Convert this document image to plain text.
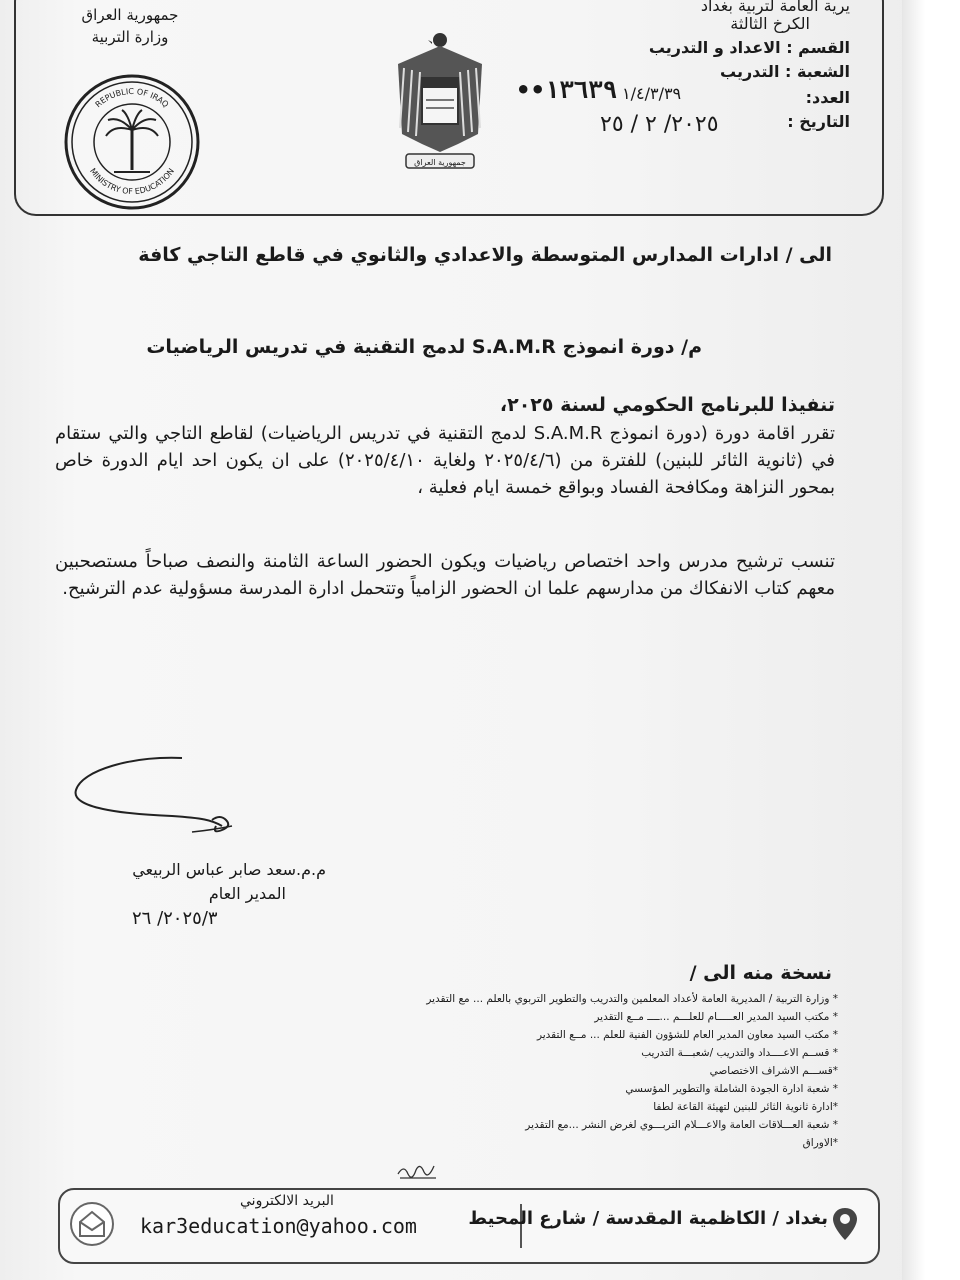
جمهورية العراق
وزارة التربية
REPUBLIC OF IRAQ
MINISTRY OF EDUCATION
جمهورية العراق
يرية العامة لتربية بغداد
الكرخ الثالثة
القسم : الاعداد و التدريب
الشعبة : التدريب
١/٤/٣/٣٩	العدد:
••١٣٦٣٩
التاريخ :
٢٠٢٥/ ٢ / ٢٥
الى / ادارات المدارس المتوسطة والاعدادي والثانوي في قاطع التاجي كافة
م/ دورة انموذج S.A.M.R لدمج التقنية في تدريس الرياضيات
تنفيذا للبرنامج الحكومي لسنة ٢٠٢٥،
تقرر اقامة دورة (دورة انموذج S.A.M.R لدمج التقنية في تدريس الرياضيات) لقاطع التاجي والتي ستقام في (ثانوية الثائر للبنين) للفترة من (٢٠٢٥/٤/٦ ولغاية ٢٠٢٥/٤/١٠) على ان يكون احد ايام الدورة خاص بمحور النزاهة ومكافحة الفساد وبواقع خمسة ايام فعلية ،
تنسب ترشيح مدرس واحد اختصاص رياضيات ويكون الحضور الساعة الثامنة والنصف صباحاً مستصحبين معهم كتاب الانفكاك من مدارسهم علما ان الحضور الزامياً وتتحمل ادارة المدرسة مسؤولية عدم الترشيح.
م.م.سعد صابر عباس الربيعي
المدير العام
٢٠٢٥/٣/ ٢٦
نسخة منه الى /
* وزارة التربية / المديرية العامة لأعداد المعلمين والتدريب والتطوير التربوي بالعلم ... مع التقدير
* مكتب السيد المدير العـــــام للعلـــم ...ــــ مــع التقدير
* مكتب السيد معاون المدير العام للشؤون الفنية للعلم ... مــع التقدير
* قســم الاعــــداد والتدريب /شعبـــة التدريب
*قســـم الاشراف الاختصاصي
* شعبة ادارة الجودة الشاملة والتطوير المؤسسي
*ادارة ثانوية الثائر للبنين لتهيئة القاعة لطفا
* شعبة العـــلاقات العامة والاعـــلام التربـــوي لغرض النشر ...مع التقدير
*الاوراق
البريد الالكتروني
kar3education@yahoo.com	بغداد / الكاظمية المقدسة / شارع المحيط
